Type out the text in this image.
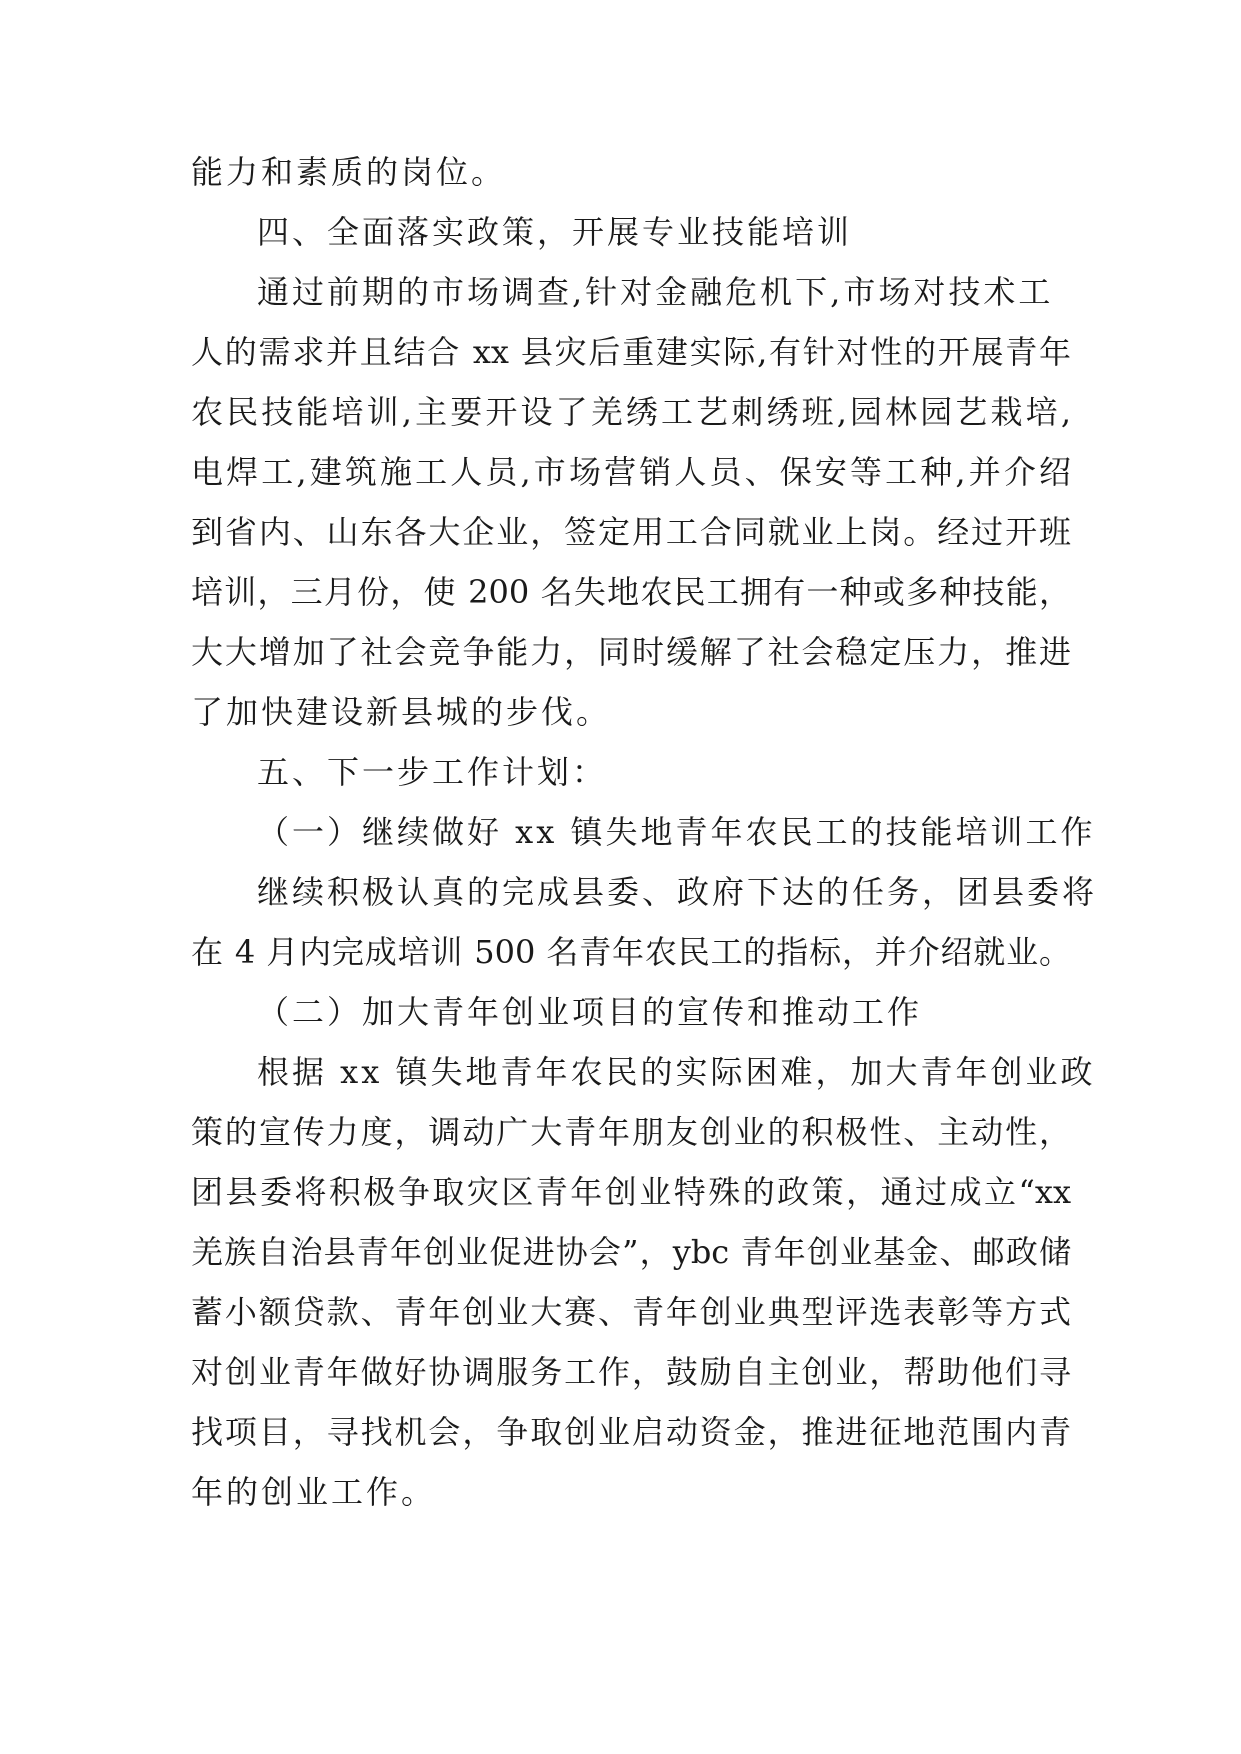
能力和素质的岗位。
四、全面落实政策，开展专业技能培训
通过前期的市场调查,针对金融危机下,市场对技术工
人的需求并且结合 xx 县灾后重建实际,有针对性的开展青年
农民技能培训,主要开设了羌绣工艺刺绣班,园林园艺栽培,
电焊工,建筑施工人员,市场营销人员、保安等工种,并介绍
到省内、山东各大企业，签定用工合同就业上岗。经过开班
培训，三月份，使 200 名失地农民工拥有一种或多种技能，
大大增加了社会竞争能力，同时缓解了社会稳定压力，推进
了加快建设新县城的步伐。
五、下一步工作计划：
（一）继续做好 xx 镇失地青年农民工的技能培训工作
继续积极认真的完成县委、政府下达的任务，团县委将
在 4 月内完成培训 500 名青年农民工的指标，并介绍就业。
（二）加大青年创业项目的宣传和推动工作
根据 xx 镇失地青年农民的实际困难，加大青年创业政
策的宣传力度，调动广大青年朋友创业的积极性、主动性，
团县委将积极争取灾区青年创业特殊的政策，通过成立“xx
羌族自治县青年创业促进协会”，ybc 青年创业基金、邮政储
蓄小额贷款、青年创业大赛、青年创业典型评选表彰等方式
对创业青年做好协调服务工作，鼓励自主创业，帮助他们寻
找项目，寻找机会，争取创业启动资金，推进征地范围内青
年的创业工作。
